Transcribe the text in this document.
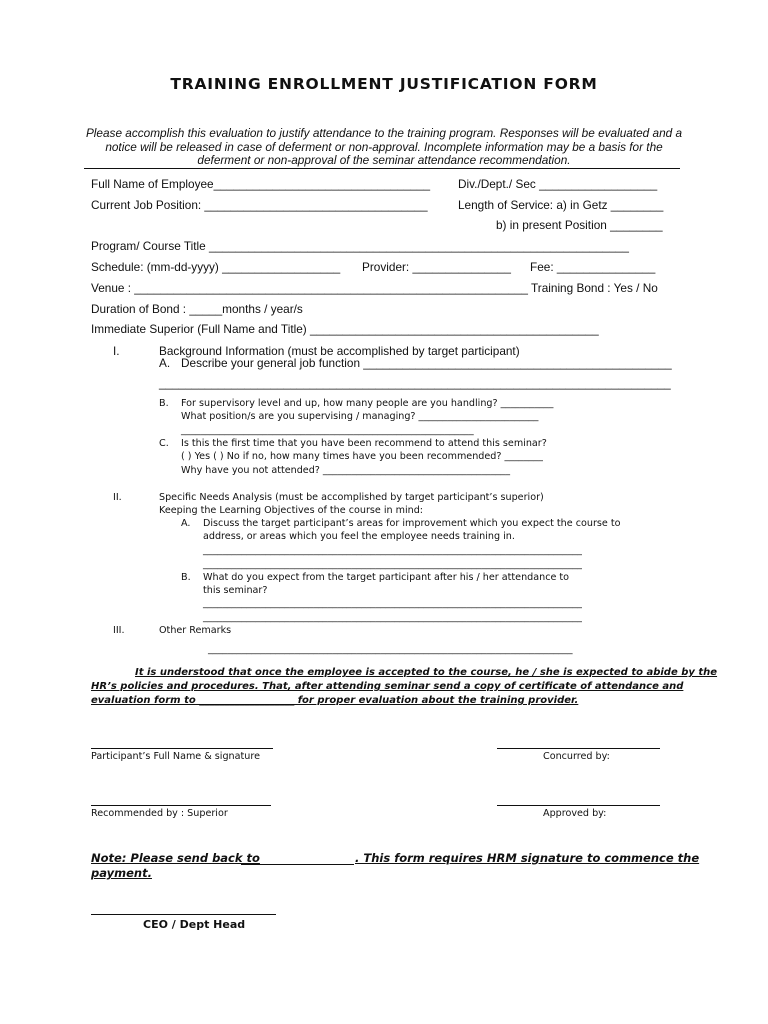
TRAINING ENROLLMENT JUSTIFICATION FORM
Please accomplish this evaluation to justify attendance to the training program. Responses will be evaluated and a notice will be released in case of deferment or non-approval. Incomplete information may be a basis for the deferment or non-approval of the seminar attendance recommendation.
Full Name of Employee_________________________________ Div./Dept./ Sec __________________
Current Job Position: __________________________________	Length of Service: a) in Getz ________
b) in present Position ________
Program/ Course Title ________________________________________________________________
Schedule: (mm-dd-yyyy) __________________ Provider: _______________ Fee: _______________
Venue : ____________________________________________________________ Training Bond : Yes / No
Duration of Bond : _____months / year/s
Immediate Superior (Full Name and Title) ____________________________________________
I.	Background Information (must be accomplished by target participant)
A. Describe your general job function _______________________________________________
______________________________________________________________________________
B. For supervisory level and up, how many people are you handling? ___________
What position/s are you supervising / managing? _________________________
_____________________________________________________________
C. Is this the first time that you have been recommend to attend this seminar?
( ) Yes ( ) No if no, how many times have you been recommended? ________
Why have you not attended? _______________________________________
II.	Specific Needs Analysis (must be accomplished by target participant’s superior)
Keeping the Learning Objectives of the course in mind:
A. Discuss the target participant’s areas for improvement which you expect the course to
address, or areas which you feel the employee needs training in.
_______________________________________________________________________________
_______________________________________________________________________________
B. What do you expect from the target participant after his / her attendance to
this seminar?
_______________________________________________________________________________
_______________________________________________________________________________
III.	Other Remarks
____________________________________________________________________________
It is understood that once the employee is accepted to the course, he / she is expected to abide by the
HR’s policies and procedures. That, after attending seminar send a copy of certificate of attendance and
evaluation form to ___________________ for proper evaluation about the training provider.
Participant’s Full Name & signature	Concurred by:
Recommended by : Superior	Approved by:
Note: Please send back to	. This form requires HRM signature to commence the
payment.
CEO / Dept Head
